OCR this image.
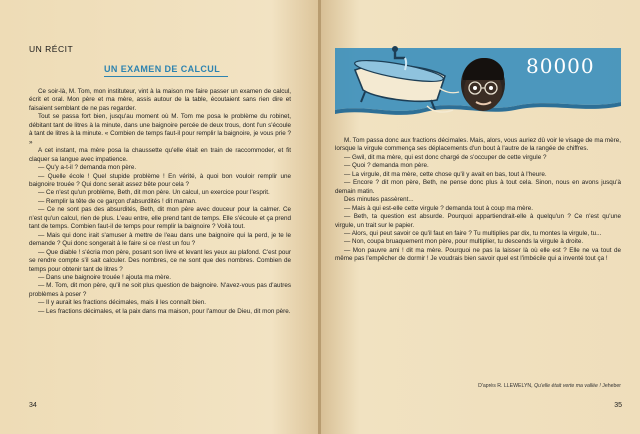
UN RÉCIT
UN EXAMEN DE CALCUL

Ce soir-là, M. Tom, mon instituteur, vint à la maison me faire passer un examen de calcul, écrit et oral. Mon père et ma mère, assis autour de la table, écoutaient sans rien dire et faisaient semblant de ne pas regarder.

Tout se passa fort bien, jusqu'au moment où M. Tom me posa le problème du robinet, débitant tant de litres à la minute, dans une baignoire percée de deux trous, dont l'un s'écoule à tant de litres à la minute. « Combien de temps faut-il pour remplir la baignoire, je vous prie ? »

A cet instant, ma mère posa la chaussette qu'elle était en train de raccommoder, et fit claquer sa langue avec impatience.

— Qu'y a-t-il ? demanda mon père.

— Quelle école ! Quel stupide problème ! En vérité, à quoi bon vouloir remplir une baignoire trouée ? Qui donc serait assez bête pour cela ?

— Ce n'est qu'un problème, Beth, dit mon père. Un calcul, un exercice pour l'esprit.

— Remplir la tête de ce garçon d'absurdités ! dit maman.

— Ce ne sont pas des absurdités, Beth, dit mon père avec douceur pour la calmer. Ce n'est qu'un calcul, rien de plus. L'eau entre, elle prend tant de temps. Elle s'écoule et ça prend tant de temps. Combien faut-il de temps pour remplir la baignoire ? Voilà tout.

— Mais qui donc irait s'amuser à mettre de l'eau dans une baignoire qui la perd, je te le demande ? Qui donc songerait à le faire si ce n'est un fou ?

— Que diable ! s'écria mon père, posant son livre et levant les yeux au plafond. C'est pour se rendre compte s'il sait calculer. Des nombres, ce ne sont que des nombres. Combien de temps pour obtenir tant de litres ?

— Dans une baignoire trouée ! ajouta ma mère.

— M. Tom, dit mon père, qu'il ne soit plus question de baignoire. N'avez-vous pas d'autres problèmes à poser ?

— Il y aurait les fractions décimales, mais il les connaît bien.

— Les fractions décimales, et la paix dans ma maison, pour l'amour de Dieu, dit mon père.

34
80000

M. Tom passa donc aux fractions décimales. Mais, alors, vous auriez dû voir le visage de ma mère, lorsque la virgule commença ses déplacements d'un bout à l'autre de la rangée de chiffres.

— Gwil, dit ma mère, qui est donc chargé de s'occuper de cette virgule ?

— Quoi ? demanda mon père.

— La virgule, dit ma mère, cette chose qu'il y avait en bas, tout à l'heure.

— Encore ? dit mon père, Beth, ne pense donc plus à tout cela. Sinon, nous en avons jusqu'à demain matin.

Des minutes passèrent...

— Mais à qui est-elle cette virgule ? demanda tout à coup ma mère.

— Beth, ta question est absurde. Pourquoi appartiendrait-elle à quelqu'un ? Ce n'est qu'une virgule, un trait sur le papier.

— Alors, qui peut savoir ce qu'il faut en faire ? Tu multiplies par dix, tu montes la virgule, tu...

— Non, coupa bruaquement mon père, pour multiplier, tu descends la virgule à droite.

— Mon pauvre ami ! dit ma mère. Pourquoi ne pas la laisser là où elle est ? Elle ne va tout de même pas l'empêcher de dormir ! Je voudrais bien savoir quel est l'imbécile qui a inventé tout ça !

D'après R. LLEWELYN, Qu'elle était verte ma vallée ! Jeheber
35
